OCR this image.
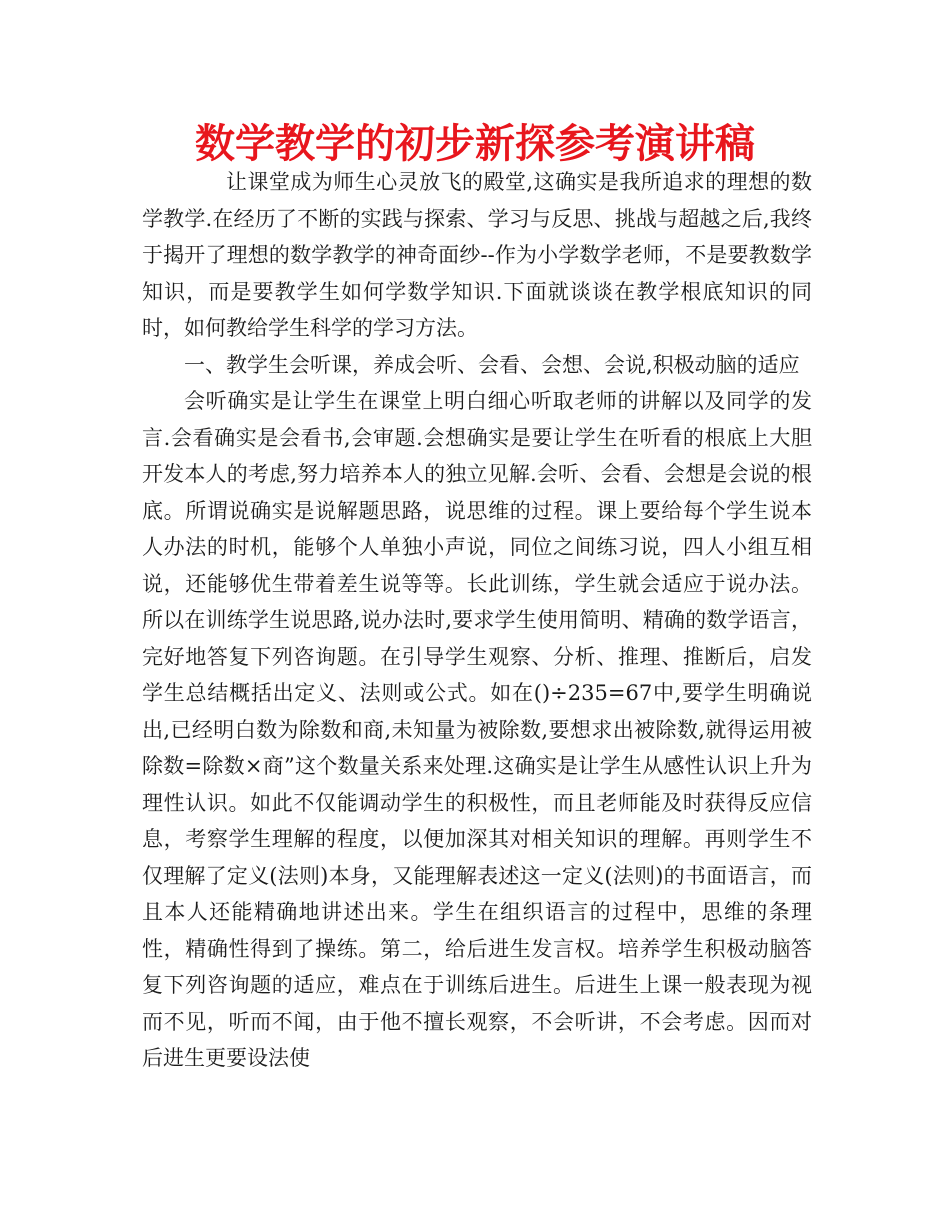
数学教学的初步新探参考演讲稿

让课堂成为师生心灵放飞的殿堂,这确实是我所追求的理想的数学教学.在经历了不断的实践与探索、学习与反思、挑战与超越之后,我终于揭开了理想的数学教学的神奇面纱--作为小学数学老师，不是要教数学知识，而是要教学生如何学数学知识.下面就谈谈在教学根底知识的同时，如何教给学生科学的学习方法。

一、教学生会听课，养成会听、会看、会想、会说,积极动脑的适应

会听确实是让学生在课堂上明白细心听取老师的讲解以及同学的发言.会看确实是会看书,会审题.会想确实是要让学生在听看的根底上大胆开发本人的考虑,努力培养本人的独立见解.会听、会看、会想是会说的根底。所谓说确实是说解题思路，说思维的过程。课上要给每个学生说本人办法的时机，能够个人单独小声说，同位之间练习说，四人小组互相说，还能够优生带着差生说等等。长此训练，学生就会适应于说办法。所以在训练学生说思路,说办法时,要求学生使用简明、精确的数学语言，完好地答复下列咨询题。在引导学生观察、分析、推理、推断后，启发学生总结概括出定义、法则或公式。如在()÷235=67中,要学生明确说出,已经明白数为除数和商,未知量为被除数,要想求出被除数,就得运用被除数=除数×商”这个数量关系来处理.这确实是让学生从感性认识上升为理性认识。如此不仅能调动学生的积极性，而且老师能及时获得反应信息，考察学生理解的程度，以便加深其对相关知识的理解。再则学生不仅理解了定义(法则)本身，又能理解表述这一定义(法则)的书面语言，而且本人还能精确地讲述出来。学生在组织语言的过程中，思维的条理性，精确性得到了操练。第二，给后进生发言权。培养学生积极动脑答复下列咨询题的适应，难点在于训练后进生。后进生上课一般表现为视而不见，听而不闻，由于他不擅长观察，不会听讲，不会考虑。因而对后进生更要设法使
